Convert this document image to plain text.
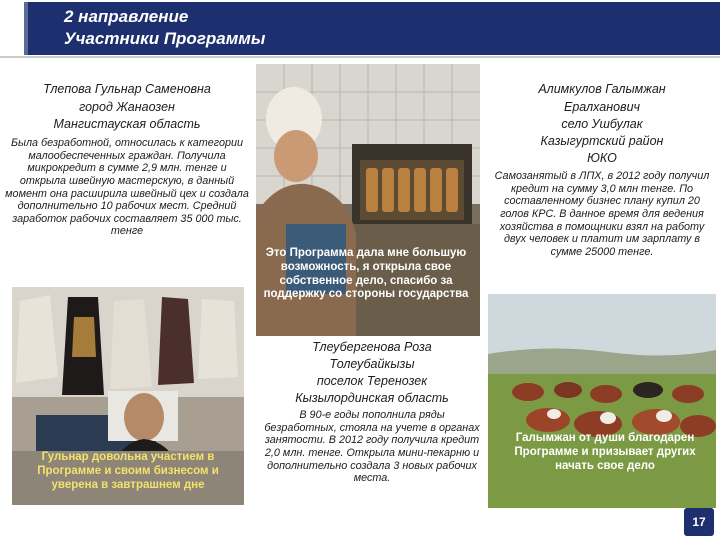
2 направление
Участники Программы

Тлепова Гульнар Саменовна

город Жанаозен

Мангистауская область

Была безработной, относилась к категории малообеспеченных граждан. Получила микрокредит в сумме 2,9 млн. тенге и открыла швейную мастерскую, в данный момент она расширила швейный цех и создала дополнительно 10 рабочих мест. Средний заработок рабочих составляет 35 000 тыс. тенге

Это Программа дала мне большую возможность, я открыла свое собственное дело, спасибо за поддержку со стороны государства

Алимкулов Галымжан

Ералханович

село Ушбулак

Казыгуртский район

ЮКО

Самозанятый в ЛПХ, в 2012 году получил кредит на сумму 3,0 млн тенге. По составленному бизнес плану купил 20 голов КРС. В данное время для ведения хозяйства в помощники взял на работу двух человек и платит им зарплату в сумме 25000 тенге.

Гульнар довольна участием в Программе и своим бизнесом и уверена в завтрашнем дне

Тлеубергенова Роза

Толеубайкызы

поселок Теренозек

Кызылординская область

В 90-е годы пополнила ряды безработных, стояла на учете в органах занятости. В 2012 году получила кредит 2,0 млн. тенге. Открыла мини-пекарню и дополнительно создала 3 новых рабочих места.

Галымжан от души благодарен Программе и призывает других начать свое дело
17
